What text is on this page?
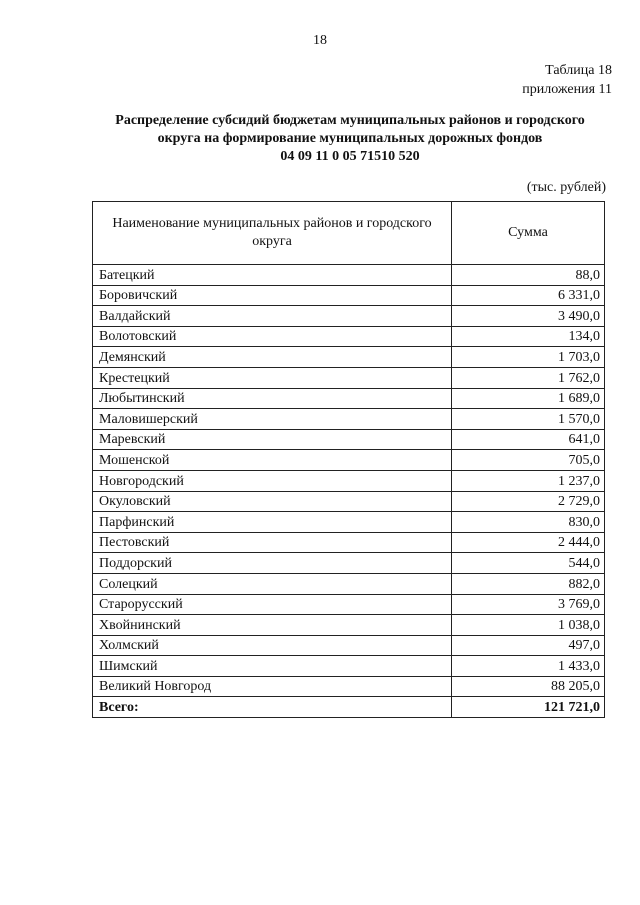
18
Таблица 18
приложения 11
Распределение субсидий бюджетам муниципальных районов и городского
округа на формирование муниципальных дорожных фондов
04 09 11 0 05 71510 520
(тыс. рублей)
Наименование муниципальных районов и городского округа	Сумма
Батецкий	88,0
Боровичский	6 331,0
Валдайский	3 490,0
Волотовский	134,0
Демянский	1 703,0
Крестецкий	1 762,0
Любытинский	1 689,0
Маловишерский	1 570,0
Маревский	641,0
Мошенской	705,0
Новгородский	1 237,0
Окуловский	2 729,0
Парфинский	830,0
Пестовский	2 444,0
Поддорский	544,0
Солецкий	882,0
Старорусский	3 769,0
Хвойнинский	1 038,0
Холмский	497,0
Шимский	1 433,0
Великий Новгород	88 205,0
Всего:	121 721,0
